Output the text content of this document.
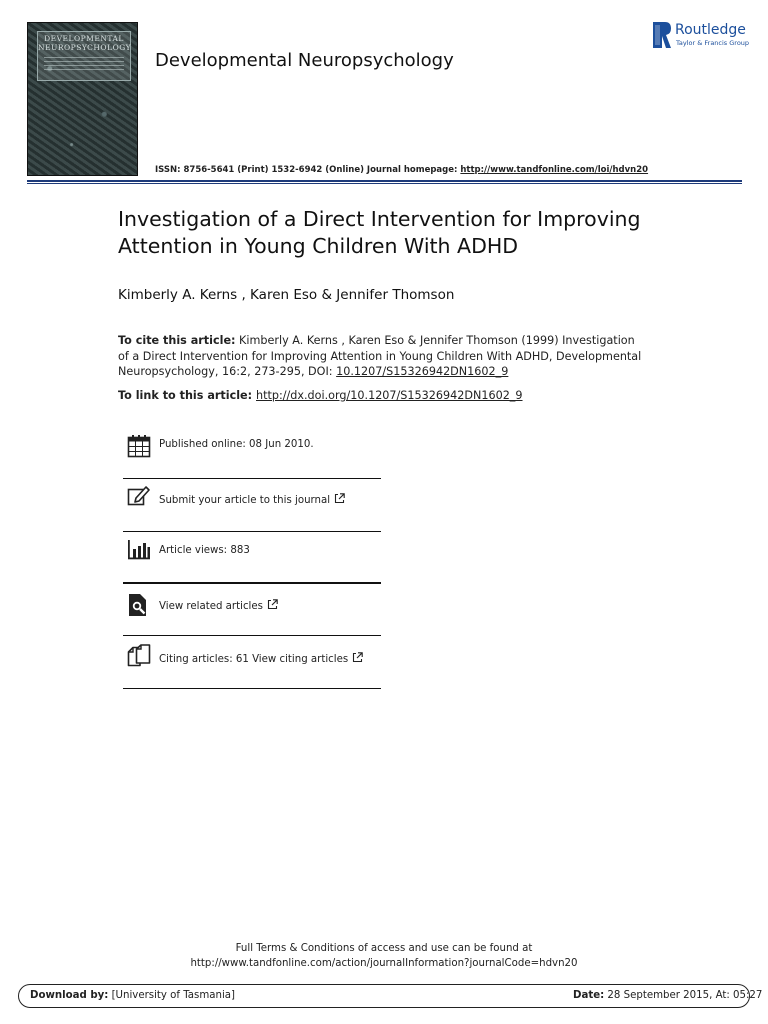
DEVELOPMENTAL NEUROPSYCHOLOGY
Developmental Neuropsychology
Routledge
Taylor & Francis Group
ISSN: 8756-5641 (Print) 1532-6942 (Online) Journal homepage: http://www.tandfonline.com/loi/hdvn20
Investigation of a Direct Intervention for Improving Attention in Young Children With ADHD
Kimberly A. Kerns , Karen Eso & Jennifer Thomson
To cite this article: Kimberly A. Kerns , Karen Eso & Jennifer Thomson (1999) Investigation of a Direct Intervention for Improving Attention in Young Children With ADHD, Developmental Neuropsychology, 16:2, 273-295, DOI: 10.1207/S15326942DN1602_9
To link to this article: http://dx.doi.org/10.1207/S15326942DN1602_9
Published online: 08 Jun 2010.
Submit your article to this journal
Article views: 883
View related articles
Citing articles: 61 View citing articles
Full Terms & Conditions of access and use can be found at
http://www.tandfonline.com/action/journalInformation?journalCode=hdvn20
Download by: [University of Tasmania]	Date: 28 September 2015, At: 05:27
